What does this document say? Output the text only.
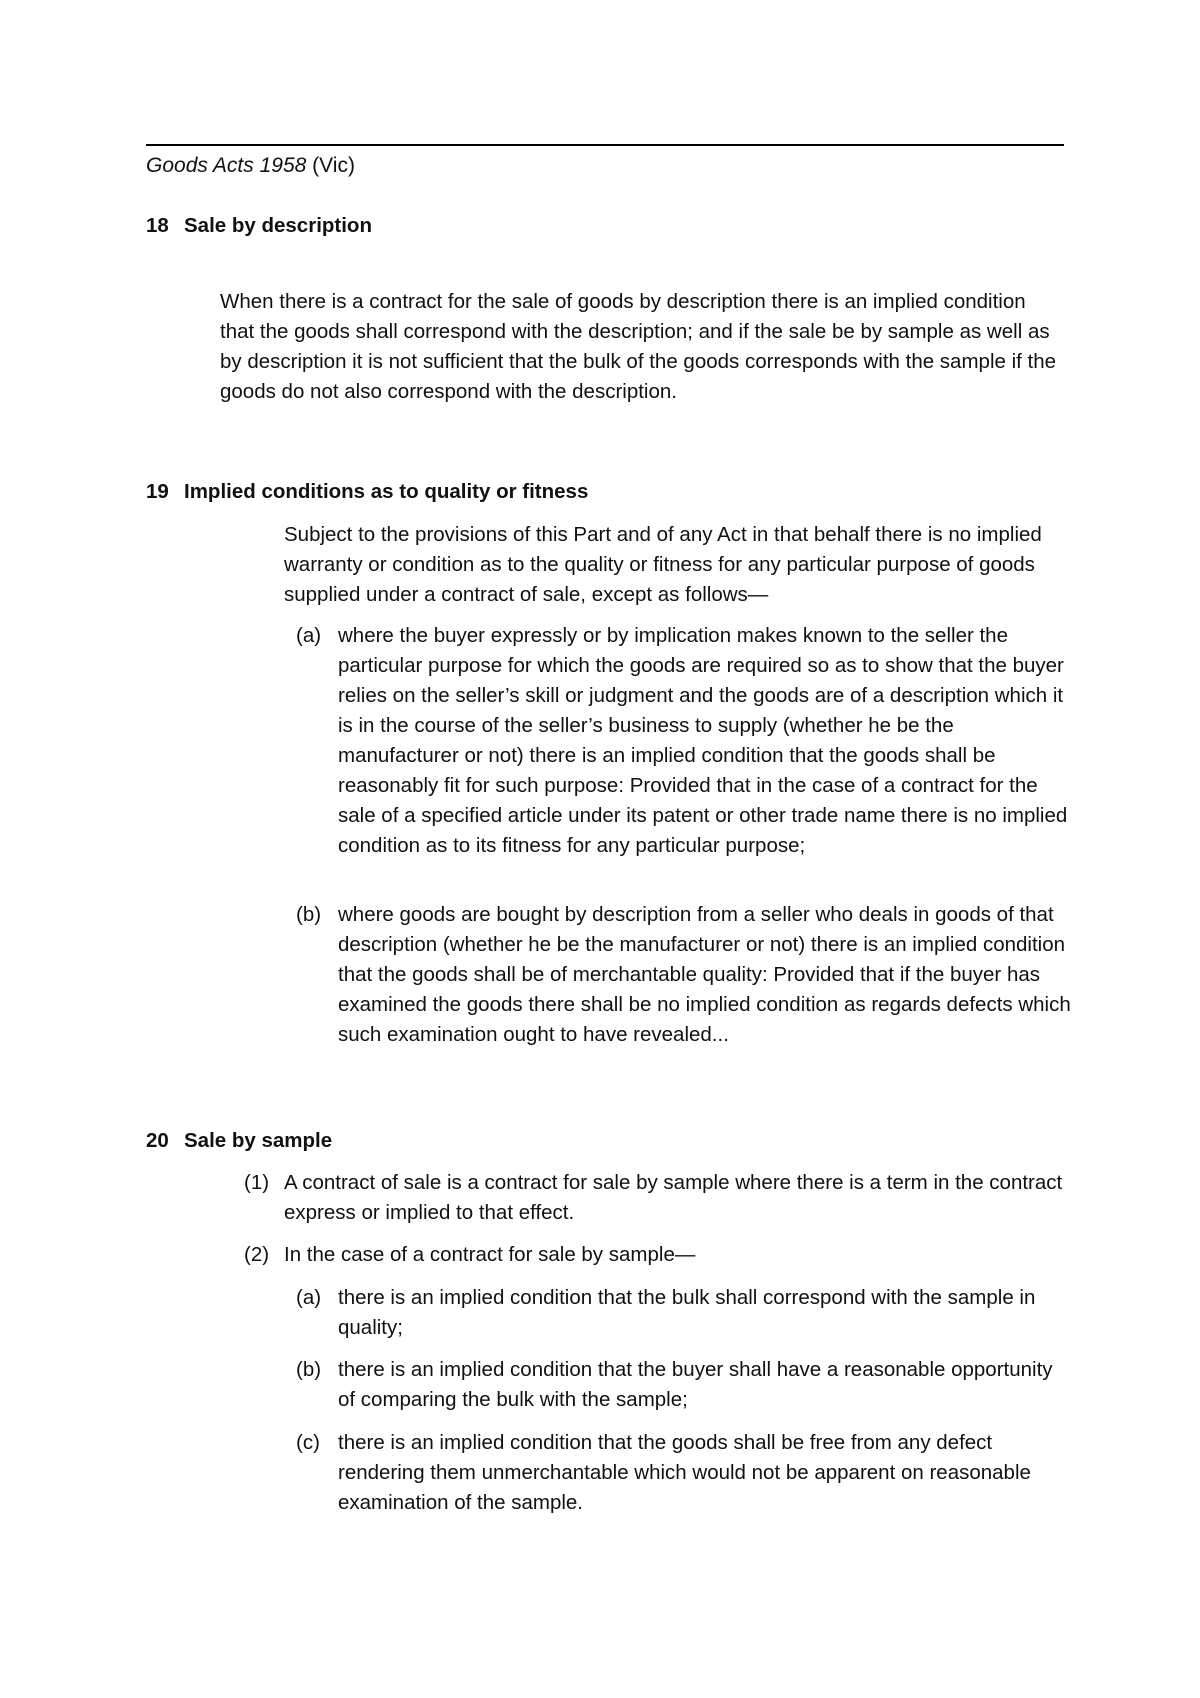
Goods Acts 1958 (Vic)
18 Sale by description
When there is a contract for the sale of goods by description there is an implied condition that the goods shall correspond with the description; and if the sale be by sample as well as by description it is not sufficient that the bulk of the goods corresponds with the sample if the goods do not also correspond with the description.
19 Implied conditions as to quality or fitness
Subject to the provisions of this Part and of any Act in that behalf there is no implied warranty or condition as to the quality or fitness for any particular purpose of goods supplied under a contract of sale, except as follows—
(a) where the buyer expressly or by implication makes known to the seller the particular purpose for which the goods are required so as to show that the buyer relies on the seller’s skill or judgment and the goods are of a description which it is in the course of the seller’s business to supply (whether he be the manufacturer or not) there is an implied condition that the goods shall be reasonably fit for such purpose: Provided that in the case of a contract for the sale of a specified article under its patent or other trade name there is no implied condition as to its fitness for any particular purpose;
(b) where goods are bought by description from a seller who deals in goods of that description (whether he be the manufacturer or not) there is an implied condition that the goods shall be of merchantable quality: Provided that if the buyer has examined the goods there shall be no implied condition as regards defects which such examination ought to have revealed...
20 Sale by sample
(1) A contract of sale is a contract for sale by sample where there is a term in the contract express or implied to that effect.
(2) In the case of a contract for sale by sample—
(a) there is an implied condition that the bulk shall correspond with the sample in quality;
(b) there is an implied condition that the buyer shall have a reasonable opportunity of comparing the bulk with the sample;
(c) there is an implied condition that the goods shall be free from any defect rendering them unmerchantable which would not be apparent on reasonable examination of the sample.
